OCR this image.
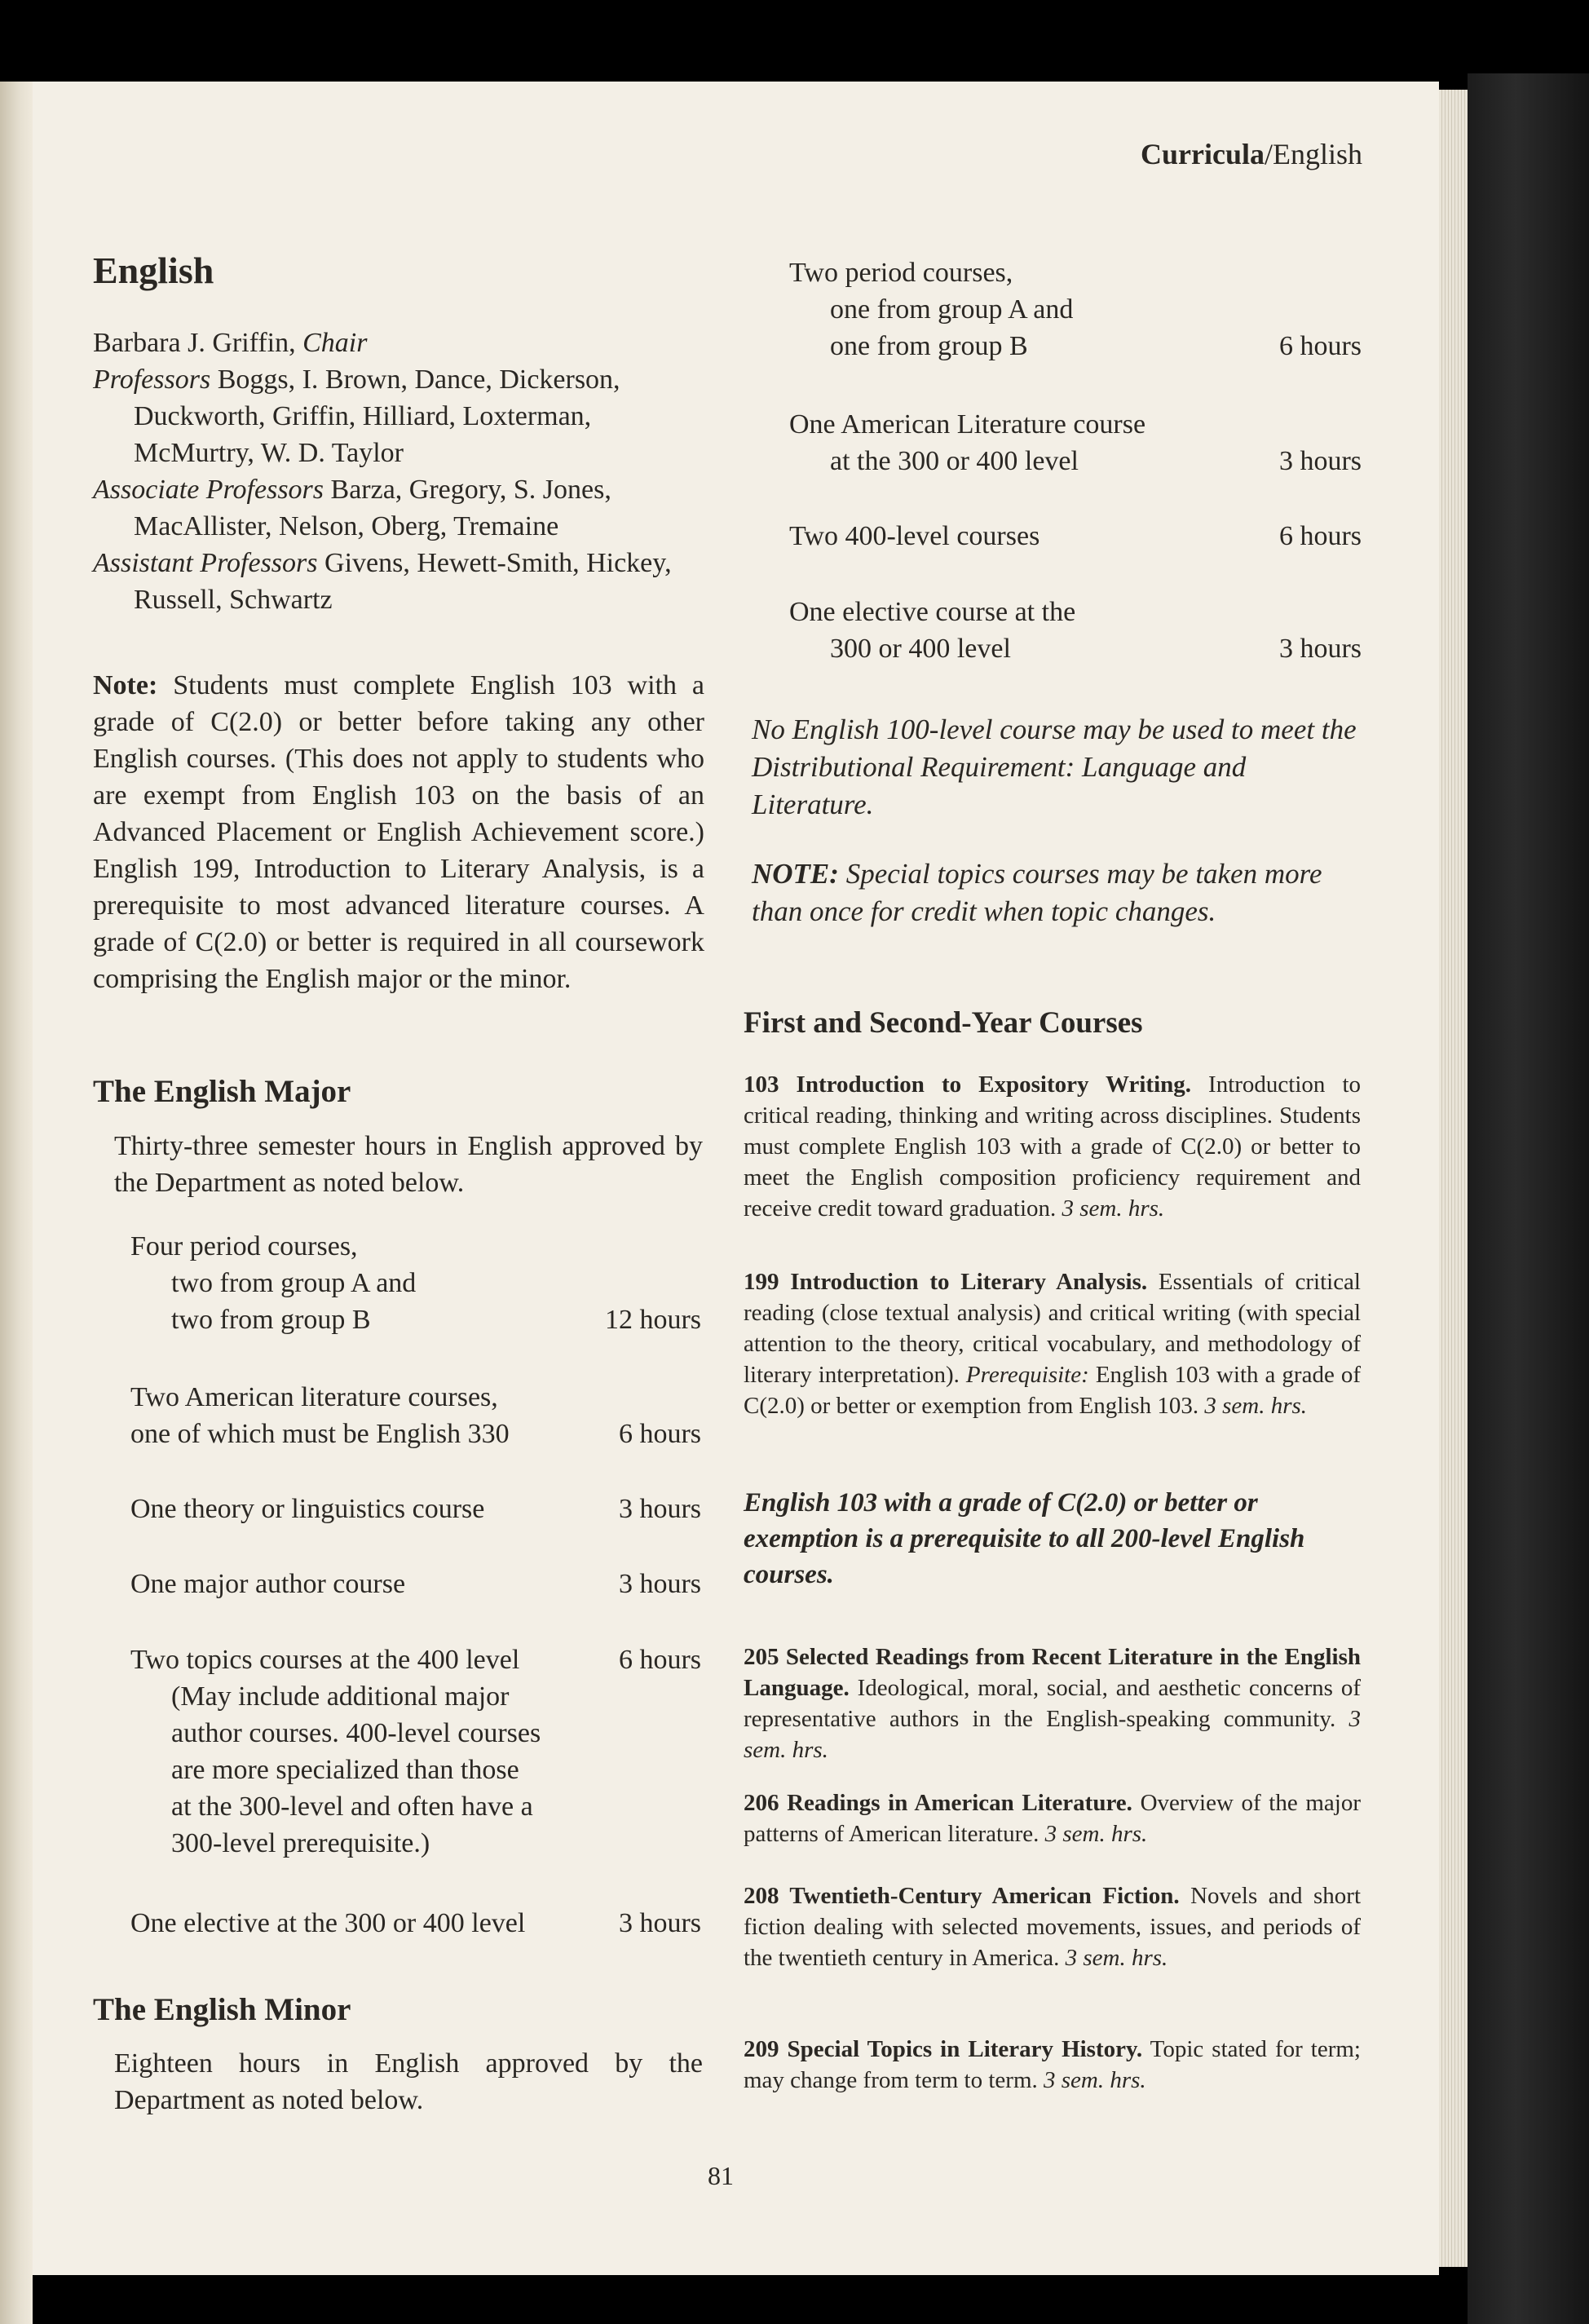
Curricula/English
English

Barbara J. Griffin, Chair

Professors Boggs, I. Brown, Dance, Dickerson, Duckworth, Griffin, Hilliard, Loxterman, McMurtry, W. D. Taylor

Associate Professors Barza, Gregory, S. Jones, MacAllister, Nelson, Oberg, Tremaine

Assistant Professors Givens, Hewett-Smith, Hickey, Russell, Schwartz

Note: Students must complete English 103 with a grade of C(2.0) or better before taking any other English courses. (This does not apply to students who are exempt from English 103 on the basis of an Advanced Placement or English Achievement score.) English 199, Introduction to Literary Analysis, is a prerequisite to most advanced literature courses. A grade of C(2.0) or better is required in all coursework comprising the English major or the minor.
The English Major
Thirty-three semester hours in English approved by the Department as noted below.
Four period courses,
two from group A and
two from group B	12 hours
Two American literature courses,
one of which must be English 330	6 hours
One theory or linguistics course	3 hours
One major author course	3 hours
Two topics courses at the 400 level	6 hours
(May include additional major
author courses. 400-level courses
are more specialized than those
at the 300-level and often have a
300-level prerequisite.)
One elective at the 300 or 400 level	3 hours
The English Minor
Eighteen hours in English approved by the Department as noted below.
Two period courses,
one from group A and
one from group B	6 hours
One American Literature course
at the 300 or 400 level	3 hours
Two 400-level courses	6 hours
One elective course at the
300 or 400 level	3 hours
No English 100-level course may be used to meet the Distributional Requirement: Language and Literature.
NOTE: Special topics courses may be taken more than once for credit when topic changes.
First and Second-Year Courses
103 Introduction to Expository Writing. Introduction to critical reading, thinking and writing across disciplines. Students must complete English 103 with a grade of C(2.0) or better to meet the English composition proficiency requirement and receive credit toward graduation. 3 sem. hrs.
199 Introduction to Literary Analysis. Essentials of critical reading (close textual analysis) and critical writing (with special attention to the theory, critical vocabulary, and methodology of literary interpretation). Prerequisite: English 103 with a grade of C(2.0) or better or exemption from English 103. 3 sem. hrs.
English 103 with a grade of C(2.0) or better or exemption is a prerequisite to all 200-level English courses.
205 Selected Readings from Recent Literature in the English Language. Ideological, moral, social, and aesthetic concerns of representative authors in the English-speaking community. 3 sem. hrs.
206 Readings in American Literature. Overview of the major patterns of American literature. 3 sem. hrs.
208 Twentieth-Century American Fiction. Novels and short fiction dealing with selected movements, issues, and periods of the twentieth century in America. 3 sem. hrs.
209 Special Topics in Literary History. Topic stated for term; may change from term to term. 3 sem. hrs.
81
